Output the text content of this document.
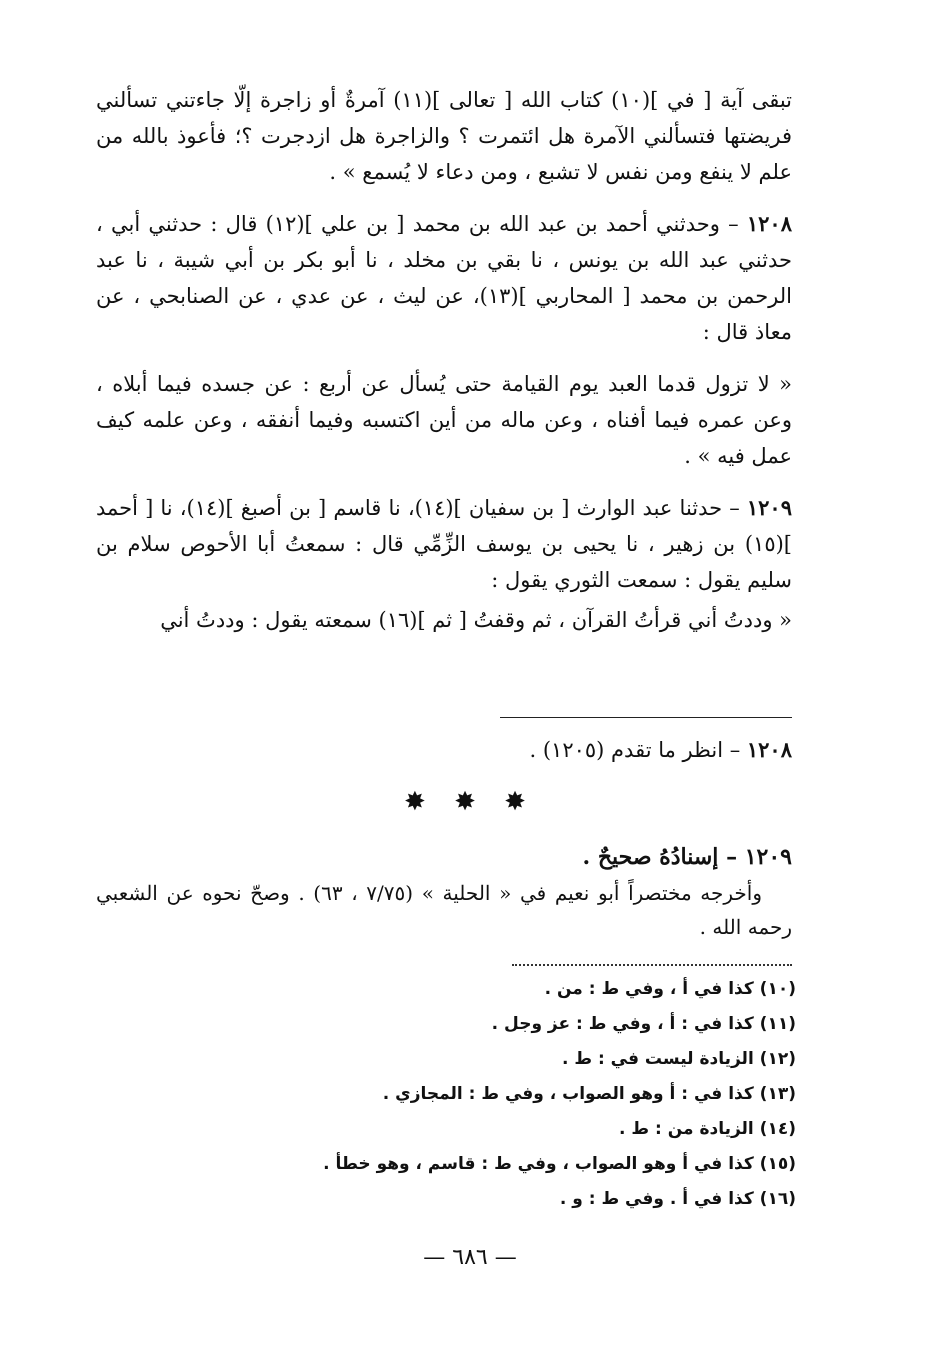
تبقى آية [ في ](١٠) كتاب الله [ تعالى ](١١) آمرةٌ أو زاجرة إلّا جاءتني تسألني فريضتها فتسألني الآمرة هل ائتمرت ؟ والزاجرة هل ازدجرت ؟؛ فأعوذ بالله من علم لا ينفع ومن نفس لا تشبع ، ومن دعاء لا يُسمع » .

١٢٠٨ – وحدثني أحمد بن عبد الله بن محمد [ بن علي ](١٢) قال : حدثني أبي ، حدثني عبد الله بن يونس ، نا بقي بن مخلد ، نا أبو بكر بن أبي شيبة ، نا عبد الرحمن بن محمد [ المحاربي ](١٣)، عن ليث ، عن عدي ، عن الصنابحي ، عن معاذ قال :

« لا تزول قدما العبد يوم القيامة حتى يُسأل عن أربع : عن جسده فيما أبلاه ، وعن عمره فيما أفناه ، وعن ماله من أين اكتسبه وفيما أنفقه ، وعن علمه كيف عمل فيه » .

١٢٠٩ – حدثنا عبد الوارث [ بن سفيان ](١٤)، نا قاسم [ بن أصبغ ](١٤)، نا [ أحمد ](١٥) بن زهير ، نا يحيى بن يوسف الزِّمِّي قال : سمعتُ أبا الأحوص سلام بن سليم يقول : سمعت الثوري يقول :

« وددتُ أني قرأتُ القرآن ، ثم وقفتُ [ ثم ](١٦) سمعته يقول : وددتُ أني

١٢٠٨ – انظر ما تقدم (١٢٠٥) .

✸ ✸ ✸

١٢٠٩ – إسنادُهُ صحيحٌ .

وأخرجه مختصراً أبو نعيم في « الحلية » (٧/٧٥ ، ٦٣) . وصحّ نحوه عن الشعبي رحمه الله .

(١٠) كذا في أ ، وفي ط : من .
(١١) كذا في : أ ، وفي ط : عز وجل .
(١٢) الزيادة ليست في : ط .
(١٣) كذا في : أ وهو الصواب ، وفي ط : المجازي .
(١٤) الزيادة من : ط .
(١٥) كذا في أ وهو الصواب ، وفي ط : قاسم ، وهو خطأ .
(١٦) كذا في أ . وفي ط : و .
— ٦٨٦ —
